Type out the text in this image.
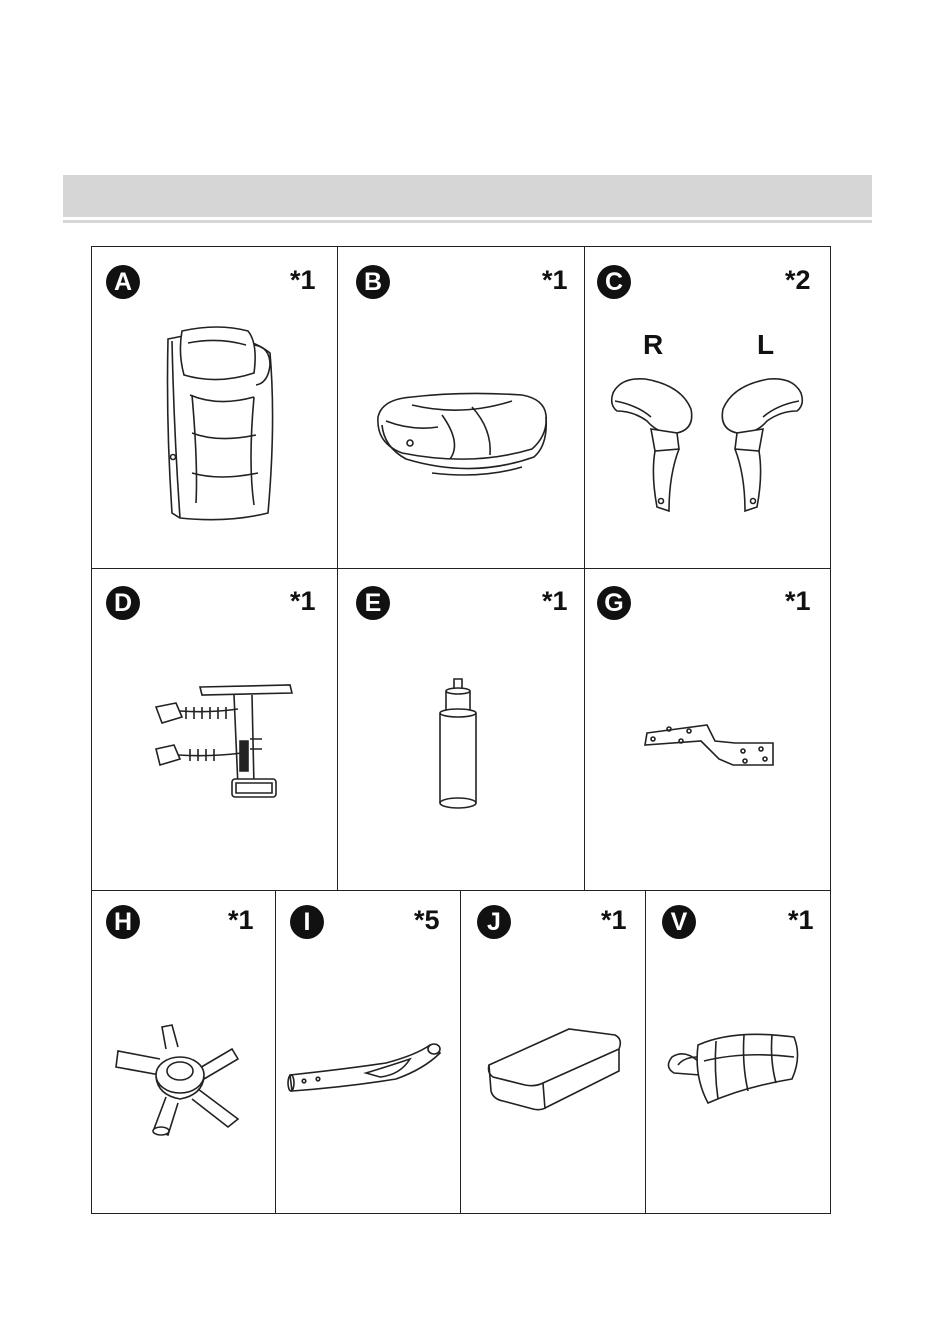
A	*1	B	*1	C	*2
R	L
D	*1	E	*1 G	*1
H	*1	I	*5	J	*1	V	*1
